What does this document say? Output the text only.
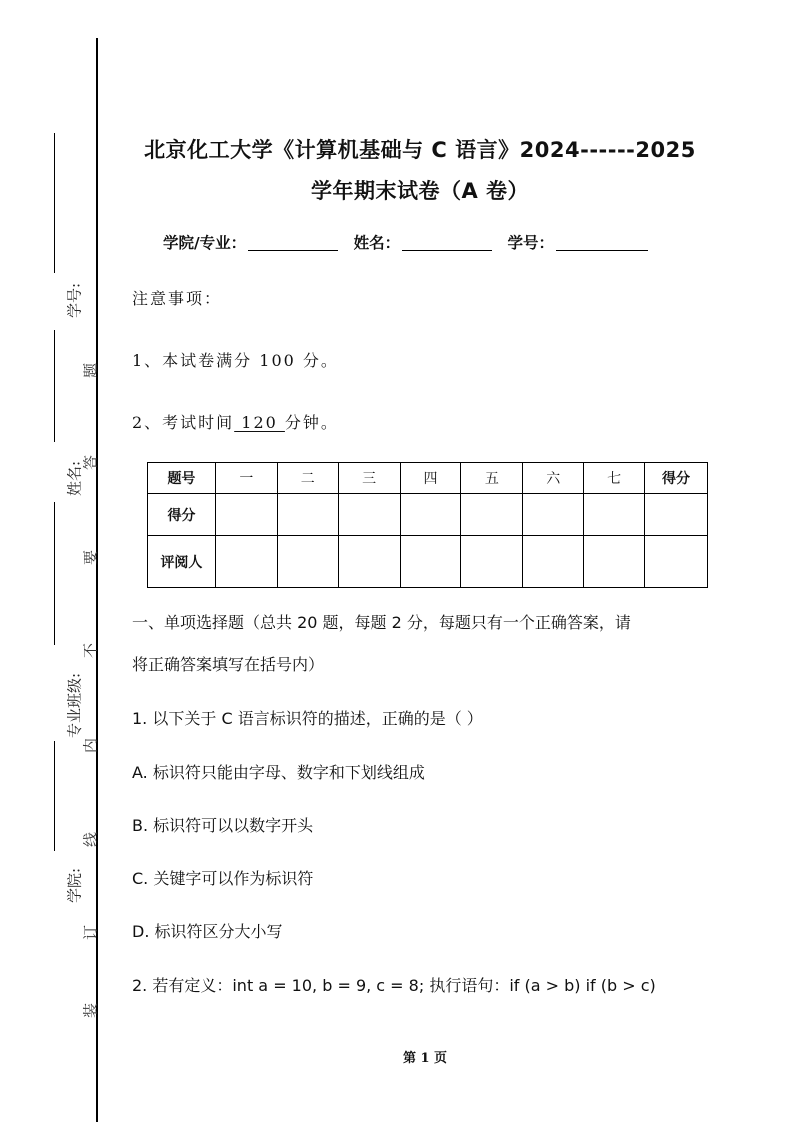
学号:
姓名:
专业班级:
学院:
题
答
要
不
内
线
订
装
北京化工大学《计算机基础与 C 语言》2024------2025
学年期末试卷（A 卷）
学院/专业：	姓名：	学号：
注意事项：
1、本试卷满分 100 分。
2、考试时间 120 分钟。
题号	一	二	三	四	五	六	七	得分
得分								
评阅人								
一、单项选择题（总共 20 题，每题 2 分，每题只有一个正确答案，请
将正确答案填写在括号内）
1. 以下关于 C 语言标识符的描述，正确的是（ ）
A. 标识符只能由字母、数字和下划线组成
B. 标识符可以以数字开头
C. 关键字可以作为标识符
D. 标识符区分大小写
2. 若有定义：int a = 10, b = 9, c = 8; 执行语句：if (a > b) if (b > c)
第 1 页
